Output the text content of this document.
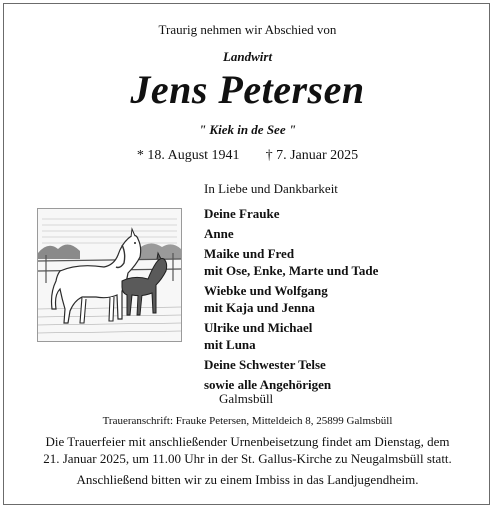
Traurig nehmen wir Abschied von
Landwirt
Jens Petersen
" Kiek in de See "
* 18. August 1941 † 7. Januar 2025
In Liebe und Dankbarkeit
Deine Frauke
Anne
Maike und Fred
mit Ose, Enke, Marte und Tade
Wiebke und Wolfgang
mit Kaja und Jenna
Ulrike und Michael
mit Luna
Deine Schwester Telse
sowie alle Angehörigen
Galmsbüll
Traueranschrift: Frauke Petersen, Mitteldeich 8, 25899 Galmsbüll
Die Trauerfeier mit anschließender Urnenbeisetzung findet am Dienstag, dem
21. Januar 2025, um 11.00 Uhr in der St. Gallus-Kirche zu Neugalmsbüll statt.
Anschließend bitten wir zu einem Imbiss in das Landjugendheim.
